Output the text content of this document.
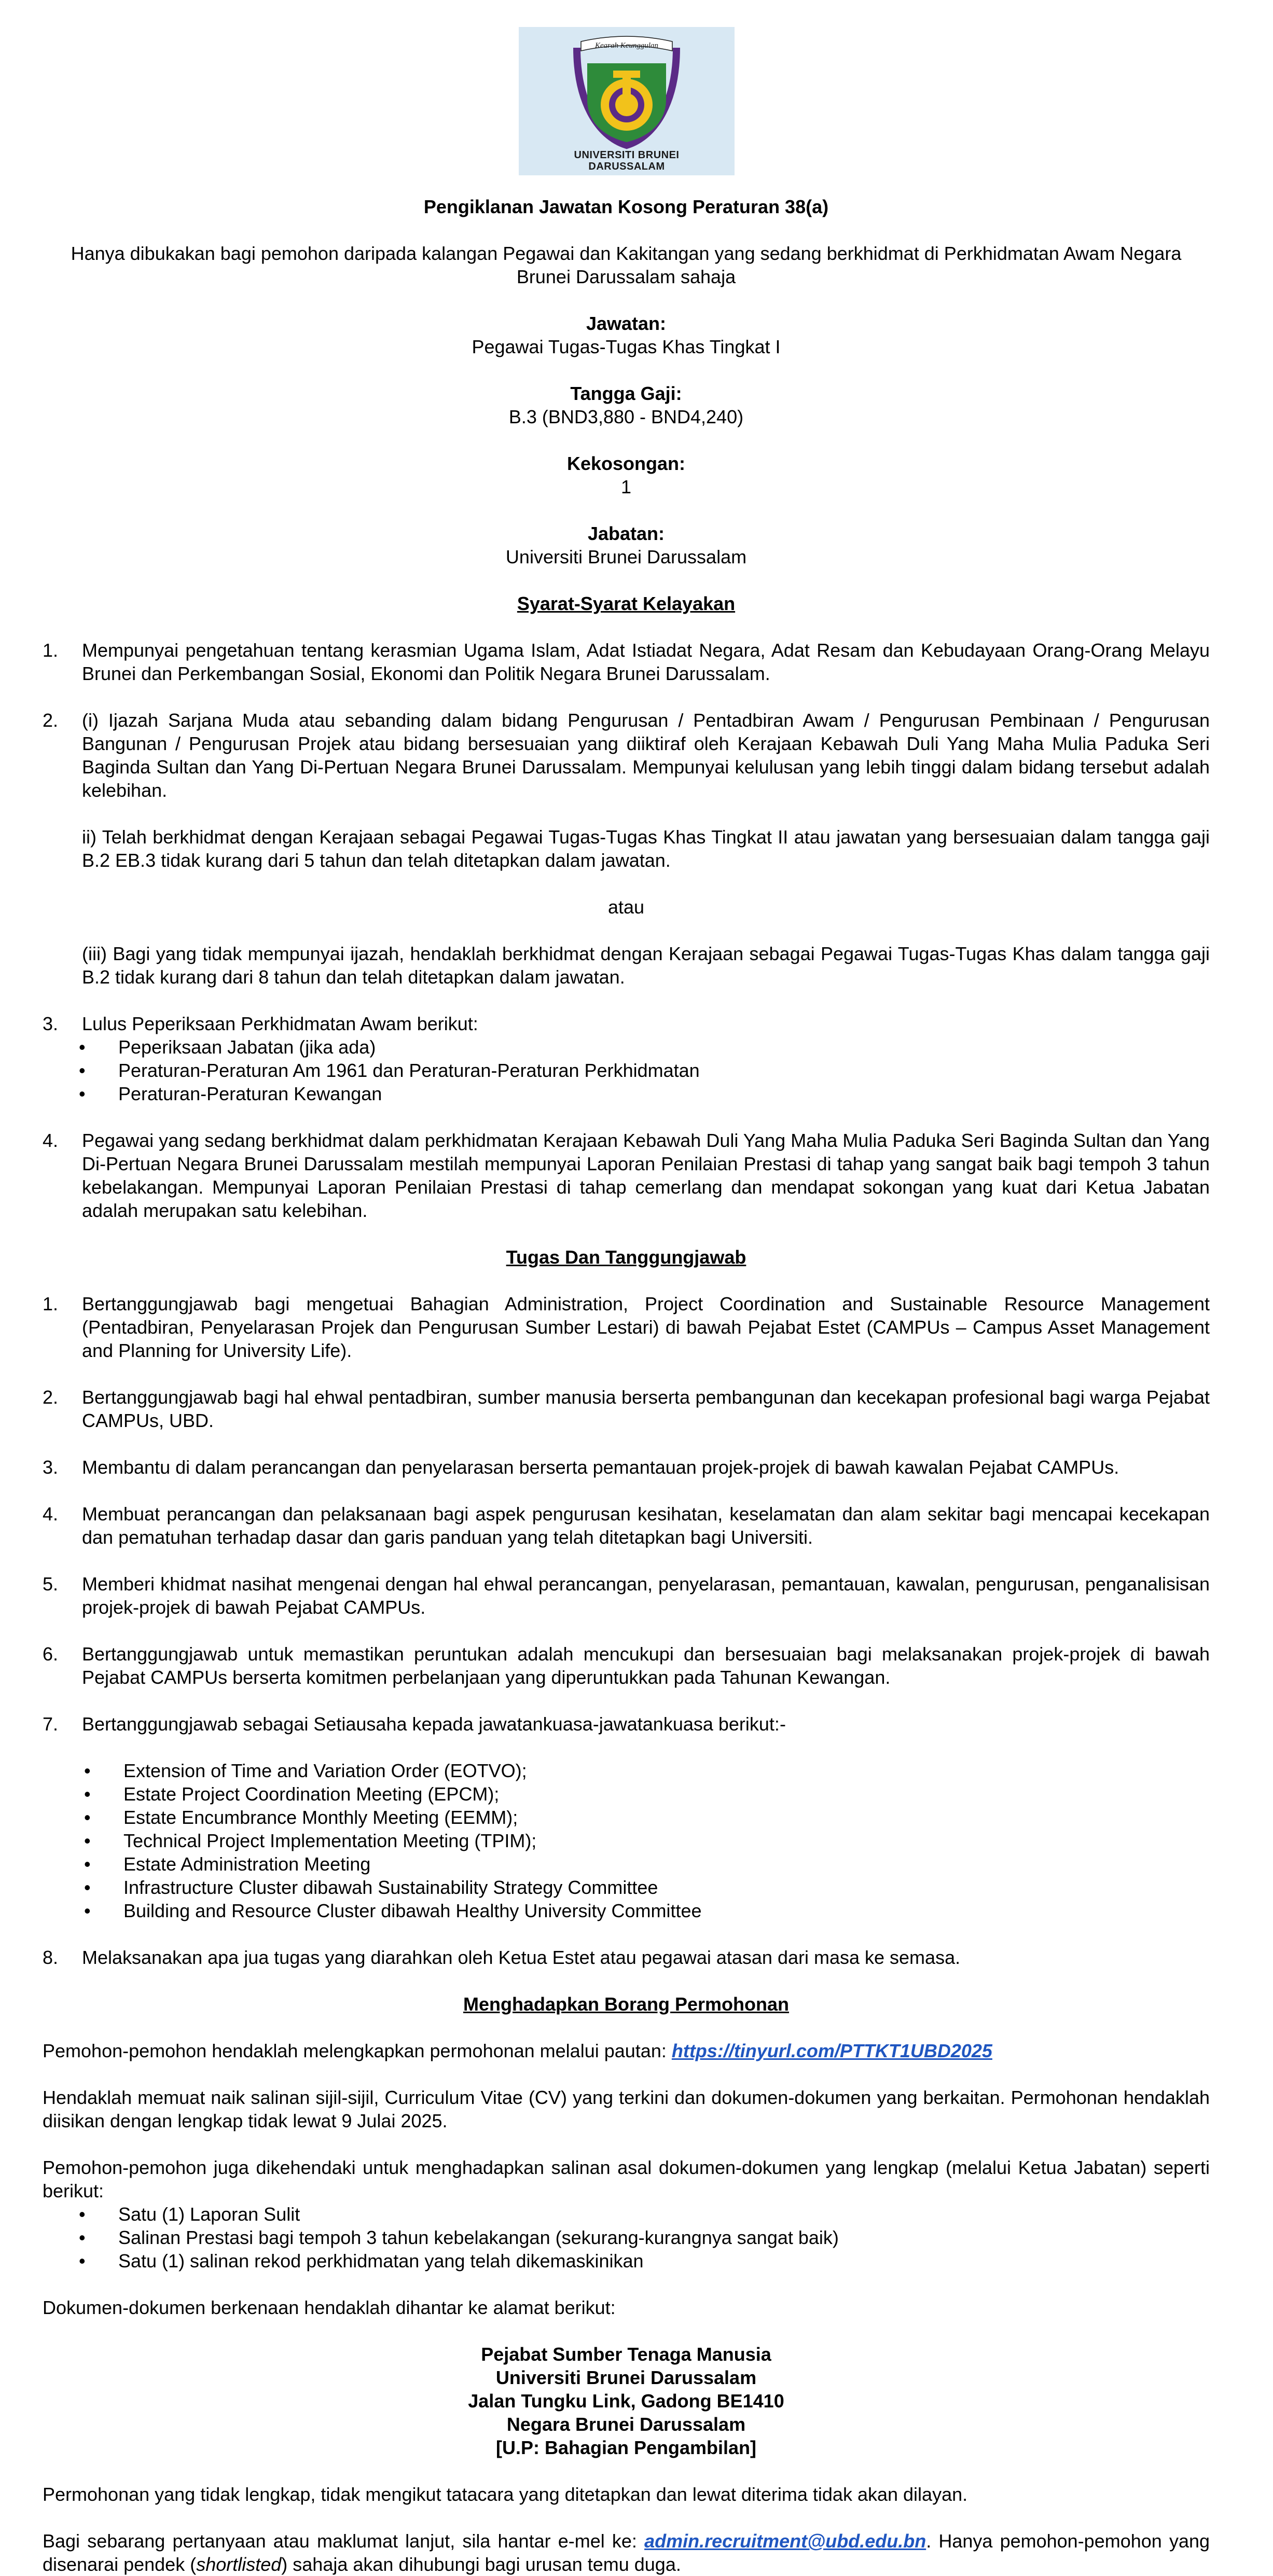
Kearah Keunggulan
UNIVERSITI BRUNEI
DARUSSALAM

Pengiklanan Jawatan Kosong Peraturan 38(a)

Hanya dibukakan bagi pemohon daripada kalangan Pegawai dan Kakitangan yang sedang berkhidmat di Perkhidmatan Awam Negara Brunei Darussalam sahaja

Jawatan:

Pegawai Tugas-Tugas Khas Tingkat I

Tangga Gaji:

B.3 (BND3,880 - BND4,240)

Kekosongan:

1

Jabatan:

Universiti Brunei Darussalam

Syarat-Syarat Kelayakan

1. Mempunyai pengetahuan tentang kerasmian Ugama Islam, Adat Istiadat Negara, Adat Resam dan Kebudayaan Orang-Orang Melayu Brunei dan Perkembangan Sosial, Ekonomi dan Politik Negara Brunei Darussalam.
2. (i) Ijazah Sarjana Muda atau sebanding dalam bidang Pengurusan / Pentadbiran Awam / Pengurusan Pembinaan / Pengurusan Bangunan / Pengurusan Projek atau bidang bersesuaian yang diiktiraf oleh Kerajaan Kebawah Duli Yang Maha Mulia Paduka Seri Baginda Sultan dan Yang Di-Pertuan Negara Brunei Darussalam. Mempunyai kelulusan yang lebih tinggi dalam bidang tersebut adalah kelebihan.

ii) Telah berkhidmat dengan Kerajaan sebagai Pegawai Tugas-Tugas Khas Tingkat II atau jawatan yang bersesuaian dalam tangga gaji B.2 EB.3 tidak kurang dari 5 tahun dan telah ditetapkan dalam jawatan.

atau

(iii) Bagi yang tidak mempunyai ijazah, hendaklah berkhidmat dengan Kerajaan sebagai Pegawai Tugas-Tugas Khas dalam tangga gaji B.2 tidak kurang dari 8 tahun dan telah ditetapkan dalam jawatan.

3. Lulus Peperiksaan Perkhidmatan Awam berikut:
• Peperiksaan Jabatan (jika ada)
• Peraturan-Peraturan Am 1961 dan Peraturan-Peraturan Perkhidmatan
• Peraturan-Peraturan Kewangan
4. Pegawai yang sedang berkhidmat dalam perkhidmatan Kerajaan Kebawah Duli Yang Maha Mulia Paduka Seri Baginda Sultan dan Yang Di-Pertuan Negara Brunei Darussalam mestilah mempunyai Laporan Penilaian Prestasi di tahap yang sangat baik bagi tempoh 3 tahun kebelakangan. Mempunyai Laporan Penilaian Prestasi di tahap cemerlang dan mendapat sokongan yang kuat dari Ketua Jabatan adalah merupakan satu kelebihan.

Tugas Dan Tanggungjawab

1. Bertanggungjawab bagi mengetuai Bahagian Administration, Project Coordination and Sustainable Resource Management (Pentadbiran, Penyelarasan Projek dan Pengurusan Sumber Lestari) di bawah Pejabat Estet (CAMPUs – Campus Asset Management and Planning for University Life).
2. Bertanggungjawab bagi hal ehwal pentadbiran, sumber manusia berserta pembangunan dan kecekapan profesional bagi warga Pejabat CAMPUs, UBD.
3. Membantu di dalam perancangan dan penyelarasan berserta pemantauan projek-projek di bawah kawalan Pejabat CAMPUs.
4. Membuat perancangan dan pelaksanaan bagi aspek pengurusan kesihatan, keselamatan dan alam sekitar bagi mencapai kecekapan dan pematuhan terhadap dasar dan garis panduan yang telah ditetapkan bagi Universiti.
5. Memberi khidmat nasihat mengenai dengan hal ehwal perancangan, penyelarasan, pemantauan, kawalan, pengurusan, penganalisisan projek-projek di bawah Pejabat CAMPUs.
6. Bertanggungjawab untuk memastikan peruntukan adalah mencukupi dan bersesuaian bagi melaksanakan projek-projek di bawah Pejabat CAMPUs berserta komitmen perbelanjaan yang diperuntukkan pada Tahunan Kewangan.
7. Bertanggungjawab sebagai Setiausaha kepada jawatankuasa-jawatankuasa berikut:-
• Extension of Time and Variation Order (EOTVO);
• Estate Project Coordination Meeting (EPCM);
• Estate Encumbrance Monthly Meeting (EEMM);
• Technical Project Implementation Meeting (TPIM);
• Estate Administration Meeting
• Infrastructure Cluster dibawah Sustainability Strategy Committee
• Building and Resource Cluster dibawah Healthy University Committee
8. Melaksanakan apa jua tugas yang diarahkan oleh Ketua Estet atau pegawai atasan dari masa ke semasa.

Menghadapkan Borang Permohonan

Pemohon-pemohon hendaklah melengkapkan permohonan melalui pautan: https://tinyurl.com/PTTKT1UBD2025

Hendaklah memuat naik salinan sijil-sijil, Curriculum Vitae (CV) yang terkini dan dokumen-dokumen yang berkaitan. Permohonan hendaklah diisikan dengan lengkap tidak lewat 9 Julai 2025.

Pemohon-pemohon juga dikehendaki untuk menghadapkan salinan asal dokumen-dokumen yang lengkap (melalui Ketua Jabatan) seperti berikut:

• Satu (1) Laporan Sulit
• Salinan Prestasi bagi tempoh 3 tahun kebelakangan (sekurang-kurangnya sangat baik)
• Satu (1) salinan rekod perkhidmatan yang telah dikemaskinikan

Dokumen-dokumen berkenaan hendaklah dihantar ke alamat berikut:

Pejabat Sumber Tenaga Manusia

Universiti Brunei Darussalam

Jalan Tungku Link, Gadong BE1410

Negara Brunei Darussalam

[U.P: Bahagian Pengambilan]

Permohonan yang tidak lengkap, tidak mengikut tatacara yang ditetapkan dan lewat diterima tidak akan dilayan.

Bagi sebarang pertanyaan atau maklumat lanjut, sila hantar e-mel ke: admin.recruitment@ubd.edu.bn. Hanya pemohon-pemohon yang disenarai pendek (shortlisted) sahaja akan dihubungi bagi urusan temu duga.
